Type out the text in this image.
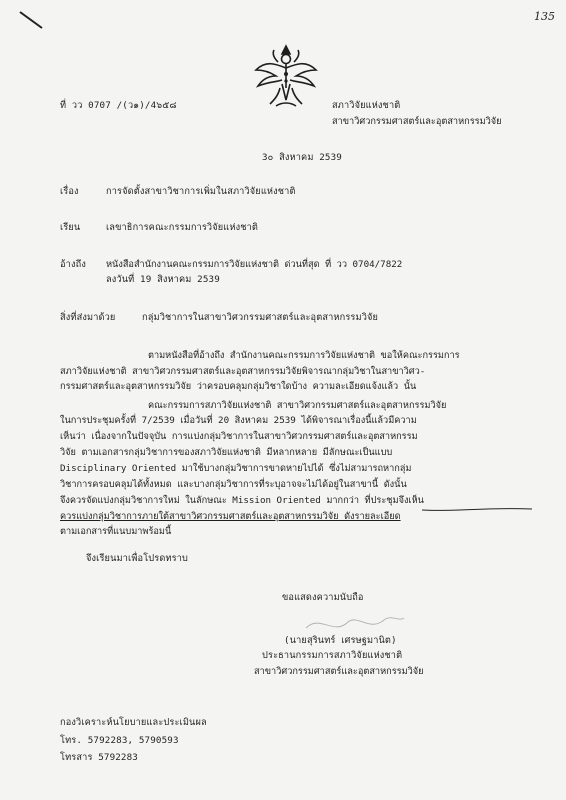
135
ที่ วว 0707 /(ว๑)/4๖๕๘	สภาวิจัยแห่งชาติ
สาขาวิศวกรรมศาสตร์และอุตสาหกรรมวิจัย
3๐ สิงหาคม 2539
เรื่อง	การจัดตั้งสาขาวิชาการเพิ่มในสภาวิจัยแห่งชาติ
เรียน	เลขาธิการคณะกรรมการวิจัยแห่งชาติ
อ้างถึง หนังสือสำนักงานคณะกรรมการวิจัยแห่งชาติ ด่วนที่สุด ที่ วว 0704/7822
ลงวันที่ 19 สิงหาคม 2539
สิ่งที่ส่งมาด้วย	กลุ่มวิชาการในสาขาวิศวกรรมศาสตร์และอุตสาหกรรมวิจัย
ตามหนังสือที่อ้างถึง สำนักงานคณะกรรมการวิจัยแห่งชาติ ขอให้คณะกรรมการ
สภาวิจัยแห่งชาติ สาขาวิศวกรรมศาสตร์และอุตสาหกรรมวิจัยพิจารณากลุ่มวิชาในสาขาวิศว-
กรรมศาสตร์และอุตสาหกรรมวิจัย ว่าครอบคลุมกลุ่มวิชาใดบ้าง ความละเอียดแจ้งแล้ว นั้น
คณะกรรมการสภาวิจัยแห่งชาติ สาขาวิศวกรรมศาสตร์และอุตสาหกรรมวิจัย
ในการประชุมครั้งที่ 7/2539 เมื่อวันที่ 20 สิงหาคม 2539 ได้พิจารณาเรื่องนี้แล้วมีความ
เห็นว่า เนื่องจากในปัจจุบัน การแบ่งกลุ่มวิชาการในสาขาวิศวกรรมศาสตร์และอุตสาหกรรม
วิจัย ตามเอกสารกลุ่มวิชาการของสภาวิจัยแห่งชาติ มีหลากหลาย มีลักษณะเป็นแบบ
Disciplinary Oriented มาใช้บางกลุ่มวิชาการขาดหายไปได้ ซึ่งไม่สามารถหากลุ่ม
วิชาการครอบคลุมได้ทั้งหมด และบางกลุ่มวิชาการที่ระบุอาจจะไม่ได้อยู่ในสาขานี้ ดังนั้น
จึงควรจัดแบ่งกลุ่มวิชาการใหม่ ในลักษณะ Mission Oriented มากกว่า ที่ประชุมจึงเห็น
ควรแบ่งกลุ่มวิชาการภายใต้สาขาวิศวกรรมศาสตร์และอุตสาหกรรมวิจัย ดังรายละเอียด
ตามเอกสารที่แนบมาพร้อมนี้
จึงเรียนมาเพื่อโปรดทราบ
ขอแสดงความนับถือ
(นายสุรินทร์ เศรษฐมานิต)
ประธานกรรมการสภาวิจัยแห่งชาติ
สาขาวิศวกรรมศาสตร์และอุตสาหกรรมวิจัย
กองวิเคราะห์นโยบายและประเมินผล
โทร. 5792283, 5790593
โทรสาร 5792283
